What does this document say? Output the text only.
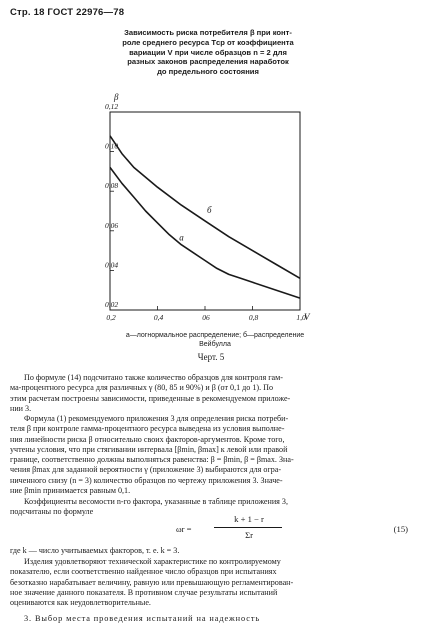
Стр. 18 ГОСТ 22976—78
Зависимость риска потребителя β при конт-
роле среднего ресурса Tср от коэффициента
вариации V при числе образцов n = 2 для
разных законов распределения наработок
до предельного состояния
0,02
0,04
0,06
0,08
0,10
0,12
0,2	0,4	06	0,8	1,0
β
V
а
б
а—логнормальное распределение; б—распределение
Вейбулла
Черт. 5
По формуле (14) подсчитано также количество образцов для контроля гам-
ма-процентного ресурса для различных γ (80, 85 и 90%) и β (от 0,1 до 1). По
этим расчетам построены зависимости, приведенные в рекомендуемом приложе-
нии 3.
Формула (1) рекомендуемого приложения 3 для определения риска потреби-
теля β при контроле гамма-процентного ресурса выведена из условия выполне-
ния линейности риска β относительно своих факторов-аргументов. Кроме того,
учтены условия, что при стягивании интервала [βmin, βmax] к левой или правой
границе, соответственно должны выполняться равенства: β = βmin, β = βmax. Зна-
чения βmax для заданной вероятности γ (приложение 3) выбираются для огра-
ниченного снизу (n = 3) количество образцов по чертежу приложения 3. Значе-
ние βmin принимается равным 0,1.
Коэффициенты весомости n-го фактора, указанные в таблице приложения 3,
подсчитаны по формуле
ωr =
k + 1 − r
Σr
(15)
где k — число учитываемых факторов, т. е. k = 3.
Изделия удовлетворяют технической характеристике по контролируемому
показателю, если соответственно найденное число образцов при испытаниях
безотказно нарабатывает величину, равную или превышающую регламентирован-
ное значение данного показателя. В противном случае результаты испытаний
оцениваются как неудовлетворительные.
3. Выбор места проведения испытаний на надежность
